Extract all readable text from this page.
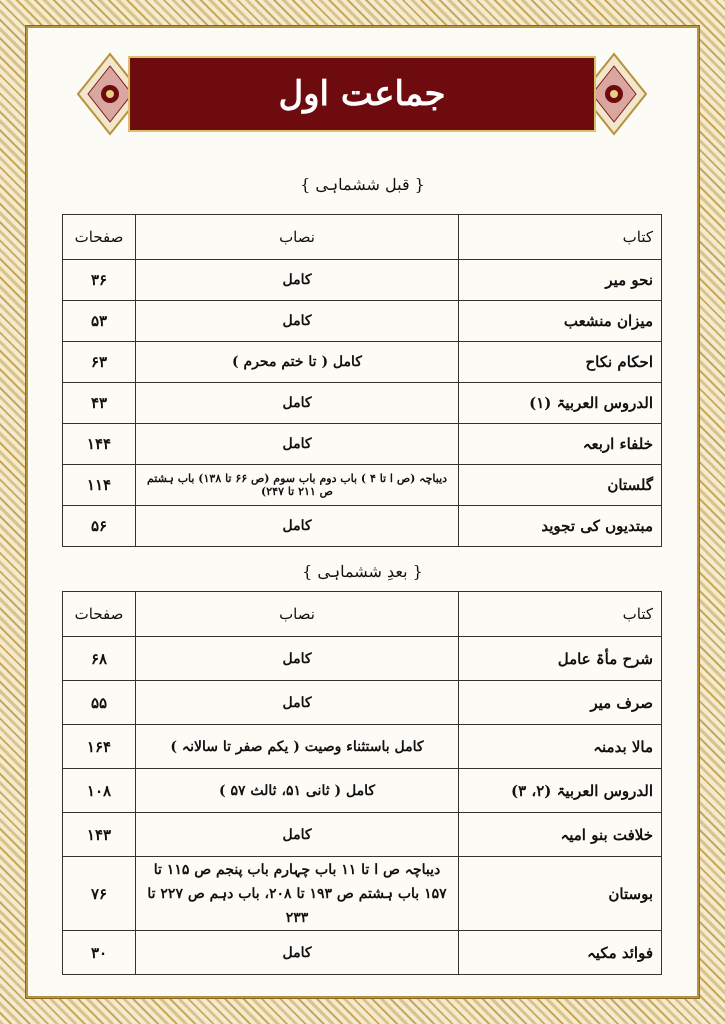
جماعت اول
{ قبل ششماہی }
کتاب	نصاب	صفحات
نحو میر	کامل	۳۶
میزان منشعب	کامل	۵۳
احکام نکاح	کامل ( تا ختم محرم )	۶۳
الدروس العربیۃ (۱)	کامل	۴۳
خلفاء اربعہ	کامل	۱۴۴
گلستان	دیباچہ (ص ا تا ۴ ) باب دوم باب سوم (ص ۶۶ تا ۱۳۸) باب ہشتم ص ۲۱۱ تا ۲۴۷)	۱۱۴
مبتدیوں کی تجوید	کامل	۵۶
{ بعدِ ششماہی }
کتاب	نصاب	صفحات
شرح مأۃ عامل	کامل	۶۸
صرف میر	کامل	۵۵
مالا بدمنہ	کامل باستثناء وصیت ( یکم صفر تا سالانہ )	۱۶۴
الدروس العربیۃ (۲، ۳)	کامل ( ثانی ۵۱، ثالث ۵۷ )	۱۰۸
خلافت بنو امیہ	کامل	۱۴۳
بوستان	دیباچہ ص ا تا ۱۱ باب چہارم باب پنجم ص ۱۱۵ تا ۱۵۷ باب ہشتم ص ۱۹۳ تا ۲۰۸، باب دہم ص ۲۲۷ تا ۲۳۳	۷۶
فوائد مکیہ	کامل	۳۰
